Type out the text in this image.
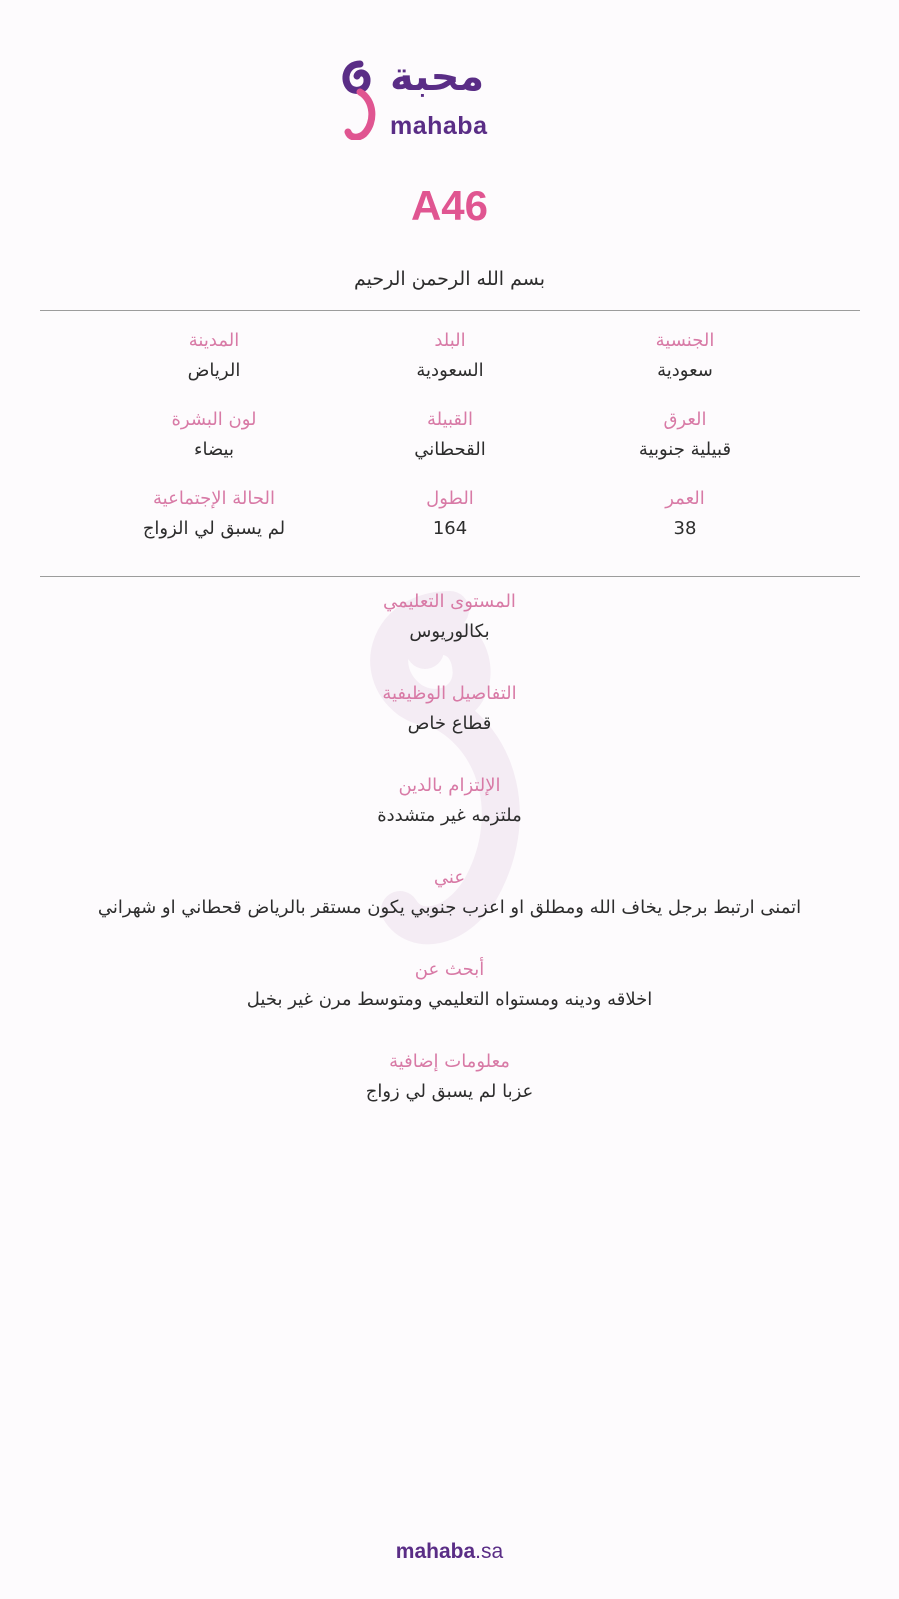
محبة
mahaba
A46
بسم الله الرحمن الرحيم
الجنسية
سعودية
البلد
السعودية
المدينة
الرياض
العرق
قبيلية جنوبية
القبيلة
القحطاني
لون البشرة
بيضاء
العمر
38
الطول
164
الحالة الإجتماعية
لم يسبق لي الزواج
المستوى التعليمي
بكالوريوس
التفاصيل الوظيفية
قطاع خاص
الإلتزام بالدين
ملتزمه غير متشددة
عني
اتمنى ارتبط برجل يخاف الله ومطلق او اعزب جنوبي يكون مستقر بالرياض قحطاني او شهراني
أبحث عن
اخلاقه ودينه ومستواه التعليمي ومتوسط مرن غير بخيل
معلومات إضافية
عزبا لم يسبق لي زواج
mahaba.sa
